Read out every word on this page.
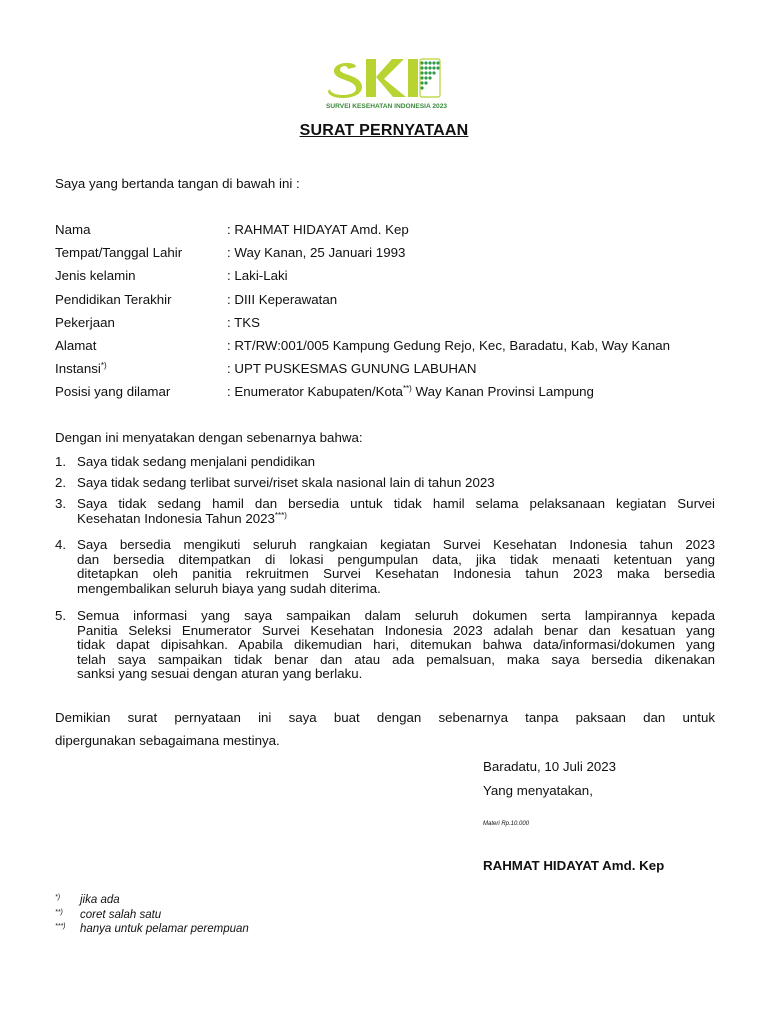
SURVEI KESEHATAN INDONESIA 2023
SURAT PERNYATAAN
Saya yang bertanda tangan di bawah ini :
Nama	: RAHMAT HIDAYAT Amd. Kep
Tempat/Tanggal Lahir	: Way Kanan, 25 Januari 1993
Jenis kelamin	: Laki-Laki
Pendidikan Terakhir	: DIII Keperawatan
Pekerjaan	: TKS
Alamat	: RT/RW:001/005 Kampung Gedung Rejo, Kec, Baradatu, Kab, Way Kanan
Instansi*)	: UPT PUSKESMAS GUNUNG LABUHAN
Posisi yang dilamar	: Enumerator Kabupaten/Kota**) Way Kanan Provinsi Lampung
Dengan ini menyatakan dengan sebenarnya bahwa:
1. Saya tidak sedang menjalani pendidikan
2. Saya tidak sedang terlibat survei/riset skala nasional lain di tahun 2023
3. Saya tidak sedang hamil dan bersedia untuk tidak hamil selama pelaksanaan kegiatan Survei
Kesehatan Indonesia Tahun 2023***)
4. Saya bersedia mengikuti seluruh rangkaian kegiatan Survei Kesehatan Indonesia tahun 2023
dan bersedia ditempatkan di lokasi pengumpulan data, jika tidak menaati ketentuan yang
ditetapkan oleh panitia rekruitmen Survei Kesehatan Indonesia tahun 2023 maka bersedia
mengembalikan seluruh biaya yang sudah diterima.
5. Semua informasi yang saya sampaikan dalam seluruh dokumen serta lampirannya kepada
Panitia Seleksi Enumerator Survei Kesehatan Indonesia 2023 adalah benar dan kesatuan yang
tidak dapat dipisahkan. Apabila dikemudian hari, ditemukan bahwa data/informasi/dokumen yang
telah saya sampaikan tidak benar dan atau ada pemalsuan, maka saya bersedia dikenakan
sanksi yang sesuai dengan aturan yang berlaku.
Demikian surat pernyataan ini saya buat dengan sebenarnya tanpa paksaan dan untuk
dipergunakan sebagaimana mestinya.
Baradatu, 10 Juli 2023
Yang menyatakan,
Materi Rp.10.000
RAHMAT HIDAYAT Amd. Kep
*) jika ada
**) coret salah satu
***) hanya untuk pelamar perempuan
